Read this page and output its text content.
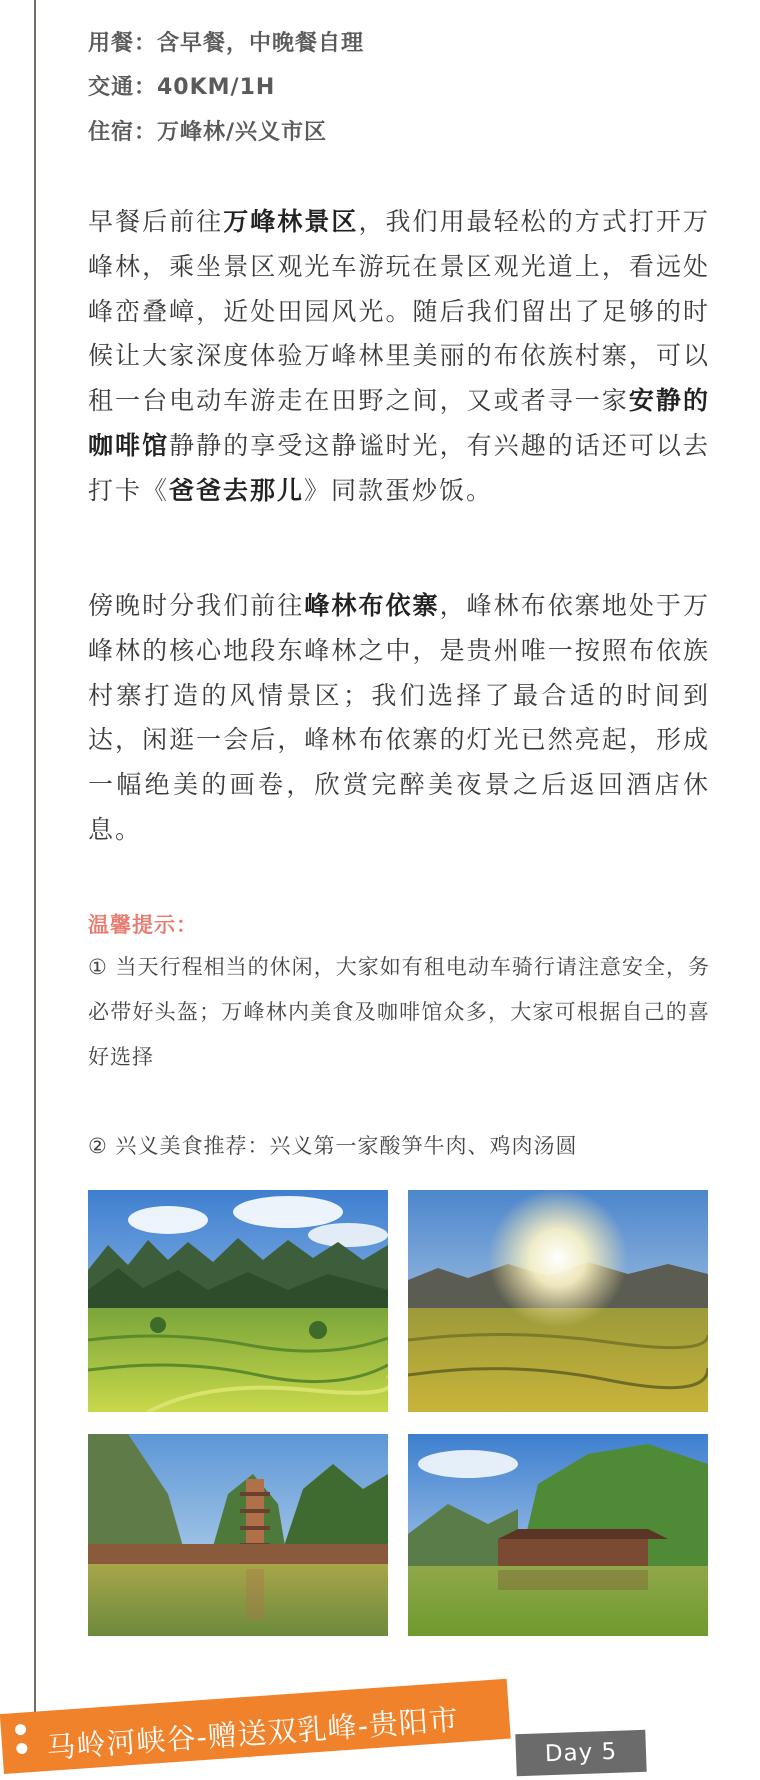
用餐：含早餐，中晚餐自理
交通：40KM/1H
住宿：万峰林/兴义市区
早餐后前往万峰林景区，我们用最轻松的方式打开万峰林，乘坐景区观光车游玩在景区观光道上，看远处峰峦叠嶂，近处田园风光。随后我们留出了足够的时候让大家深度体验万峰林里美丽的布依族村寨，可以租一台电动车游走在田野之间，又或者寻一家安静的咖啡馆静静的享受这静谧时光，有兴趣的话还可以去打卡《爸爸去那儿》同款蛋炒饭。
傍晚时分我们前往峰林布依寨，峰林布依寨地处于万峰林的核心地段东峰林之中，是贵州唯一按照布依族村寨打造的风情景区；我们选择了最合适的时间到达，闲逛一会后，峰林布依寨的灯光已然亮起，形成一幅绝美的画卷，欣赏完醉美夜景之后返回酒店休息。
温馨提示：
① 当天行程相当的休闲，大家如有租电动车骑行请注意安全，务必带好头盔；万峰林内美食及咖啡馆众多，大家可根据自己的喜好选择
② 兴义美食推荐：兴义第一家酸笋牛肉、鸡肉汤圆
马岭河峡谷-赠送双乳峰-贵阳市	Day 5
